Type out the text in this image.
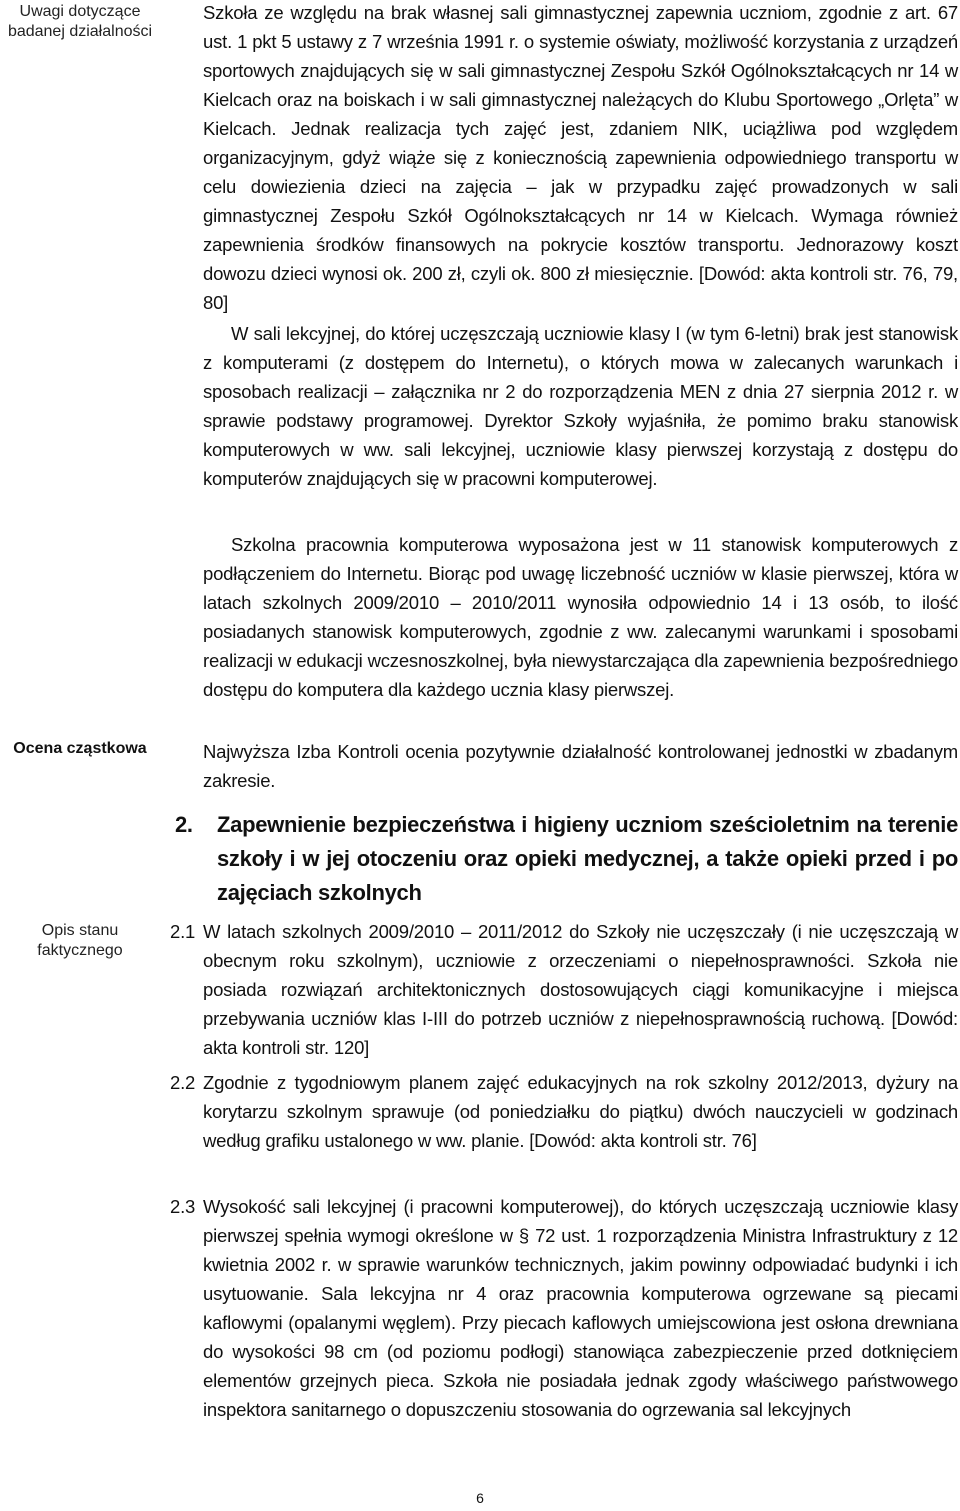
Uwagi dotyczące badanej działalności
Ocena cząstkowa
Opis stanu faktycznego
Szkoła ze względu na brak własnej sali gimnastycznej zapewnia uczniom, zgodnie z art. 67 ust. 1 pkt 5 ustawy z 7 września 1991 r. o systemie oświaty, możliwość korzystania z urządzeń sportowych znajdujących się w sali gimnastycznej Zespołu Szkół Ogólnokształcących nr 14 w Kielcach oraz na boiskach i w sali gimnastycznej należących do Klubu Sportowego „Orlęta” w Kielcach. Jednak realizacja tych zajęć jest, zdaniem NIK, uciążliwa pod względem organizacyjnym, gdyż wiąże się z koniecznością zapewnienia odpowiedniego transportu w celu dowiezienia dzieci na zajęcia – jak w przypadku zajęć prowadzonych w sali gimnastycznej Zespołu Szkół Ogólnokształcących nr 14 w Kielcach. Wymaga również zapewnienia środków finansowych na pokrycie kosztów transportu. Jednorazowy koszt dowozu dzieci wynosi ok. 200 zł, czyli ok. 800 zł miesięcznie. [Dowód: akta kontroli str. 76, 79, 80]
W sali lekcyjnej, do której uczęszczają uczniowie klasy I (w tym 6-letni) brak jest stanowisk z komputerami (z dostępem do Internetu), o których mowa w zalecanych warunkach i sposobach realizacji – załącznika nr 2 do rozporządzenia MEN z dnia 27 sierpnia 2012 r. w sprawie podstawy programowej. Dyrektor Szkoły wyjaśniła, że pomimo braku stanowisk komputerowych w ww. sali lekcyjnej, uczniowie klasy pierwszej korzystają z dostępu do komputerów znajdujących się w pracowni komputerowej.
Szkolna pracownia komputerowa wyposażona jest w 11 stanowisk komputerowych z podłączeniem do Internetu. Biorąc pod uwagę liczebność uczniów w klasie pierwszej, która w latach szkolnych 2009/2010 – 2010/2011 wynosiła odpowiednio 14 i 13 osób, to ilość posiadanych stanowisk komputerowych, zgodnie z ww. zalecanymi warunkami i sposobami realizacji w edukacji wczesnoszkolnej, była niewystarczająca dla zapewnienia bezpośredniego dostępu do komputera dla każdego ucznia klasy pierwszej.
Najwyższa Izba Kontroli ocenia pozytywnie działalność kontrolowanej jednostki w zbadanym zakresie.
2. Zapewnienie bezpieczeństwa i higieny uczniom sześcioletnim na terenie szkoły i w jej otoczeniu oraz opieki medycznej, a także opieki przed i po zajęciach szkolnych
2.1 W latach szkolnych 2009/2010 – 2011/2012 do Szkoły nie uczęszczały (i nie uczęszczają w obecnym roku szkolnym), uczniowie z orzeczeniami o niepełnosprawności. Szkoła nie posiada rozwiązań architektonicznych dostosowujących ciągi komunikacyjne i miejsca przebywania uczniów klas I-III do potrzeb uczniów z niepełnosprawnością ruchową. [Dowód: akta kontroli str. 120]
2.2 Zgodnie z tygodniowym planem zajęć edukacyjnych na rok szkolny 2012/2013, dyżury na korytarzu szkolnym sprawuje (od poniedziałku do piątku) dwóch nauczycieli w godzinach według grafiku ustalonego w ww. planie. [Dowód: akta kontroli str. 76]
2.3 Wysokość sali lekcyjnej (i pracowni komputerowej), do których uczęszczają uczniowie klasy pierwszej spełnia wymogi określone w § 72 ust. 1 rozporządzenia Ministra Infrastruktury z 12 kwietnia 2002 r. w sprawie warunków technicznych, jakim powinny odpowiadać budynki i ich usytuowanie. Sala lekcyjna nr 4 oraz pracownia komputerowa ogrzewane są piecami kaflowymi (opalanymi węglem). Przy piecach kaflowych umiejscowiona jest osłona drewniana do wysokości 98 cm (od poziomu podłogi) stanowiąca zabezpieczenie przed dotknięciem elementów grzejnych pieca. Szkoła nie posiadała jednak zgody właściwego państwowego inspektora sanitarnego o dopuszczeniu stosowania do ogrzewania sal lekcyjnych
6
